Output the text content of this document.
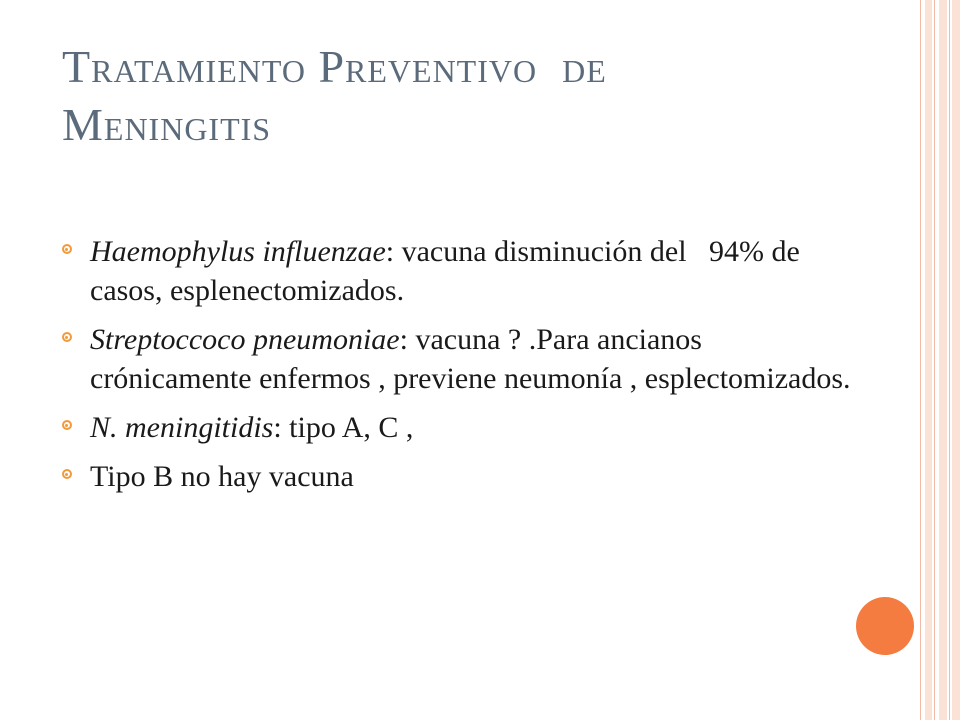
Tratamiento Preventivo  de
Meningitis
Haemophylus influenzae: vacuna disminución del   94% de casos, esplenectomizados.
Streptoccoco pneumoniae: vacuna ? .Para ancianos crónicamente enfermos , previene neumonía , esplectomizados.
N. meningitidis: tipo A, C ,
Tipo B no hay vacuna
